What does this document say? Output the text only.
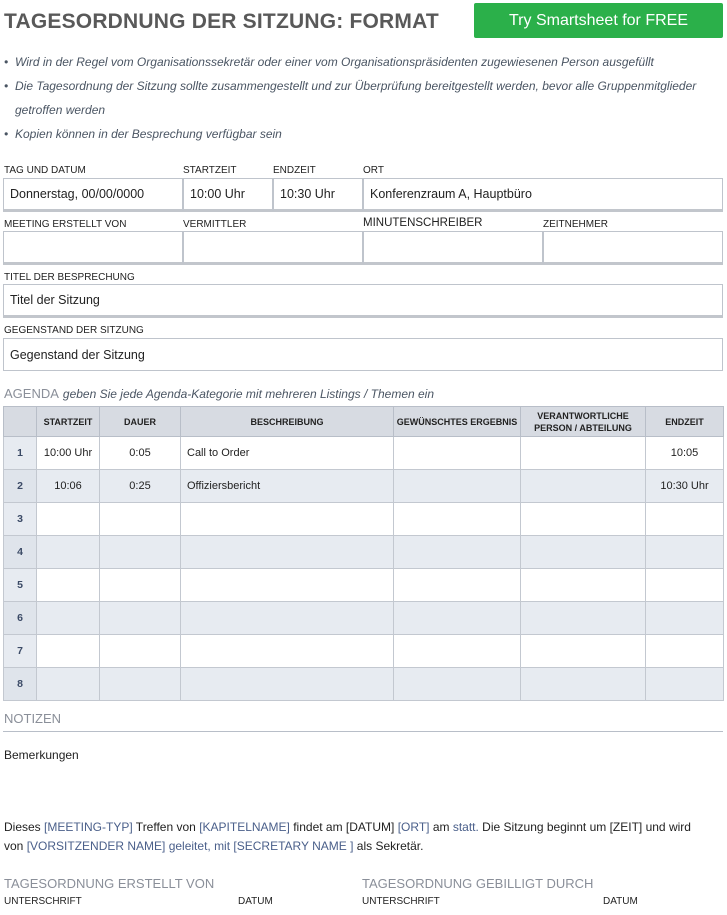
TAGESORDNUNG DER SITZUNG: FORMAT	Try Smartsheet for FREE
• Wird in der Regel vom Organisationssekretär oder einer vom Organisationspräsidenten zugewiesenen Person ausgefüllt
• Die Tagesordnung der Sitzung sollte zusammengestellt und zur Überprüfung bereitgestellt werden, bevor alle Gruppenmitglieder
getroffen werden
• Kopien können in der Besprechung verfügbar sein
TAG UND DATUM	STARTZEIT	ENDZEIT	ORT
Donnerstag, 00/00/0000	10:00 Uhr	10:30 Uhr	Konferenzraum A, Hauptbüro
MEETING ERSTELLT VON	VERMITTLER	MINUTENSCHREIBER	ZEITNEHMER
TITEL DER BESPRECHUNG
Titel der Sitzung
GEGENSTAND DER SITZUNG
Gegenstand der Sitzung
AGENDA geben Sie jede Agenda-Kategorie mit mehreren Listings / Themen ein
	STARTZEIT	DAUER	BESCHREIBUNG	GEWÜNSCHTES ERGEBNIS	VERANTWORTLICHE PERSON / ABTEILUNG	ENDZEIT
1	10:00 Uhr	0:05	Call to Order			10:05
2	10:06	0:25	Offiziersbericht			10:30 Uhr
3						
4						
5						
6						
7						
8						
NOTIZEN
Bemerkungen
Dieses [MEETING-TYP] Treffen von [KAPITELNAME] findet am [DATUM] [ORT] am statt. Die Sitzung beginnt um [ZEIT] und wird
von [VORSITZENDER NAME] geleitet, mit [SECRETARY NAME ] als Sekretär.
TAGESORDNUNG ERSTELLT VON	TAGESORDNUNG GEBILLIGT DURCH
UNTERSCHRIFT	DATUM	UNTERSCHRIFT	DATUM
